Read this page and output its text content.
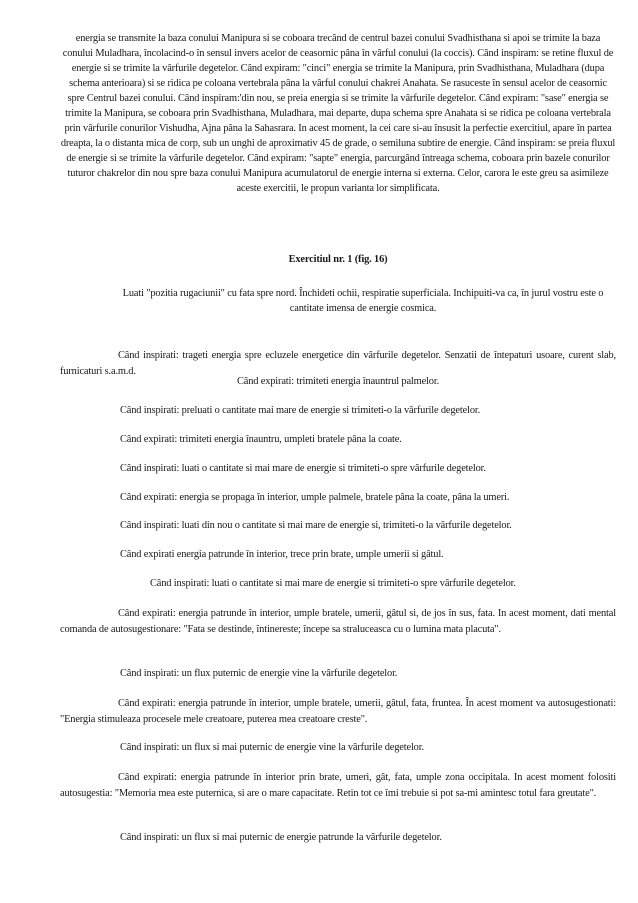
energia se transmite la baza conului Manipura si se coboara trecând de centrul bazei conului Svadhisthana si apoi se trimite la baza conului Muladhara, încolacind-o în sensul invers acelor de ceasornic pâna în vârful conului (la coccis). Când inspiram: se retine fluxul de energie si se trimite la vârfurile degetelor. Când expiram: "cinci" energia se trimite la Manipura, prin Svadhisthana, Muladhara (dupa schema anterioara) si se ridica pe coloana vertebrala pâna la vârful conului chakrei Anahata. Se rasuceste în sensul acelor de ceasornic spre Centrul bazei conului. Când inspiram:'din nou, se preia energia si se trimite la vârfurile degetelor. Când expiram: "sase" energia se trimite la Manipura, se coboara prin Svadhisthana, Muladhara, mai departe, dupa schema spre Anahata si se ridica pe coloana vertebrala prin vârfurile conurilor Vishudha, Ajna pâna la Sahasrara. In acest moment, la cei care si-au însusit la perfectie exercitiul, apare în partea dreapta, la o distanta mica de corp, sub un unghi de aproximativ 45 de grade, o semiluna subtire de energie. Când inspiram: se preia fluxul de energie si se trimite la vârfurile degetelor. Când expiram: "sapte" energia, parcurgând întreaga schema, coboara prin bazele conurilor tuturor chakrelor din nou spre baza conului Manipura acumulatorul de energie interna si externa. Celor, carora le este greu sa asimileze aceste exercitii, le propun varianta lor simplificata.

Exercitiul nr. 1 (fig. 16)

Luati "pozitia rugaciunii" cu fata spre nord. Închideti ochii, respiratie superficiala. Inchipuiti-va ca, în jurul vostru este o cantitate imensa de energie cosmica.

Când inspirati: trageti energia spre ecluzele energetice din vârfurile degetelor. Senzatii de întepaturi usoare, curent slab, furnicaturi s.a.m.d.

Când expirati: trimiteti energia înauntrul palmelor.

Când inspirati: preluati o cantitate mai mare de energie si trimiteti-o la vârfurile degetelor.

Când expirati: trimiteti energia înauntru, umpleti bratele pâna la coate.

Când inspirati: luati o cantitate si mai mare de energie si trimiteti-o spre vârfurile degetelor.

Când expirati: energia se propaga în interior, umple palmele, bratele pâna la coate, pâna la umeri.

Când inspirati: luati din nou o cantitate si mai mare de energie si, trimiteti-o la vârfurile degetelor.

Când expirati energia patrunde în interior, trece prin brate, umple umerii si gâtul.

Când inspirati: luati o cantitate si mai mare de energie si trimiteti-o spre vârfurile degetelor.

Când expirati: energia patrunde în interior, umple bratele, umerii, gâtul si, de jos în sus, fata. In acest moment, dati mental comanda de autosugestionare: "Fata se destinde, întinereste; începe sa straluceasca cu o lumina mata placuta".

Când inspirati: un flux puternic de energie vine la vârfurile degetelor.

Când expirati: energia patrunde în interior, umple bratele, umerii, gâtul, fata, fruntea. În acest moment va autosugestionati: "Energia stimuleaza procesele mele creatoare, puterea mea creatoare creste".

Când inspirati: un flux si mai puternic de energie vine la vârfurile degetelor.

Când expirati: energia patrunde în interior prin brate, umeri, gât, fata, umple zona occipitala. In acest moment folositi autosugestia: "Memoria mea este puternica, si are o mare capacitate. Retin tot ce îmi trebuie si pot sa-mi amintesc totul fara greutate".

Când inspirati: un flux si mai puternic de energie patrunde la vârfurile degetelor.
